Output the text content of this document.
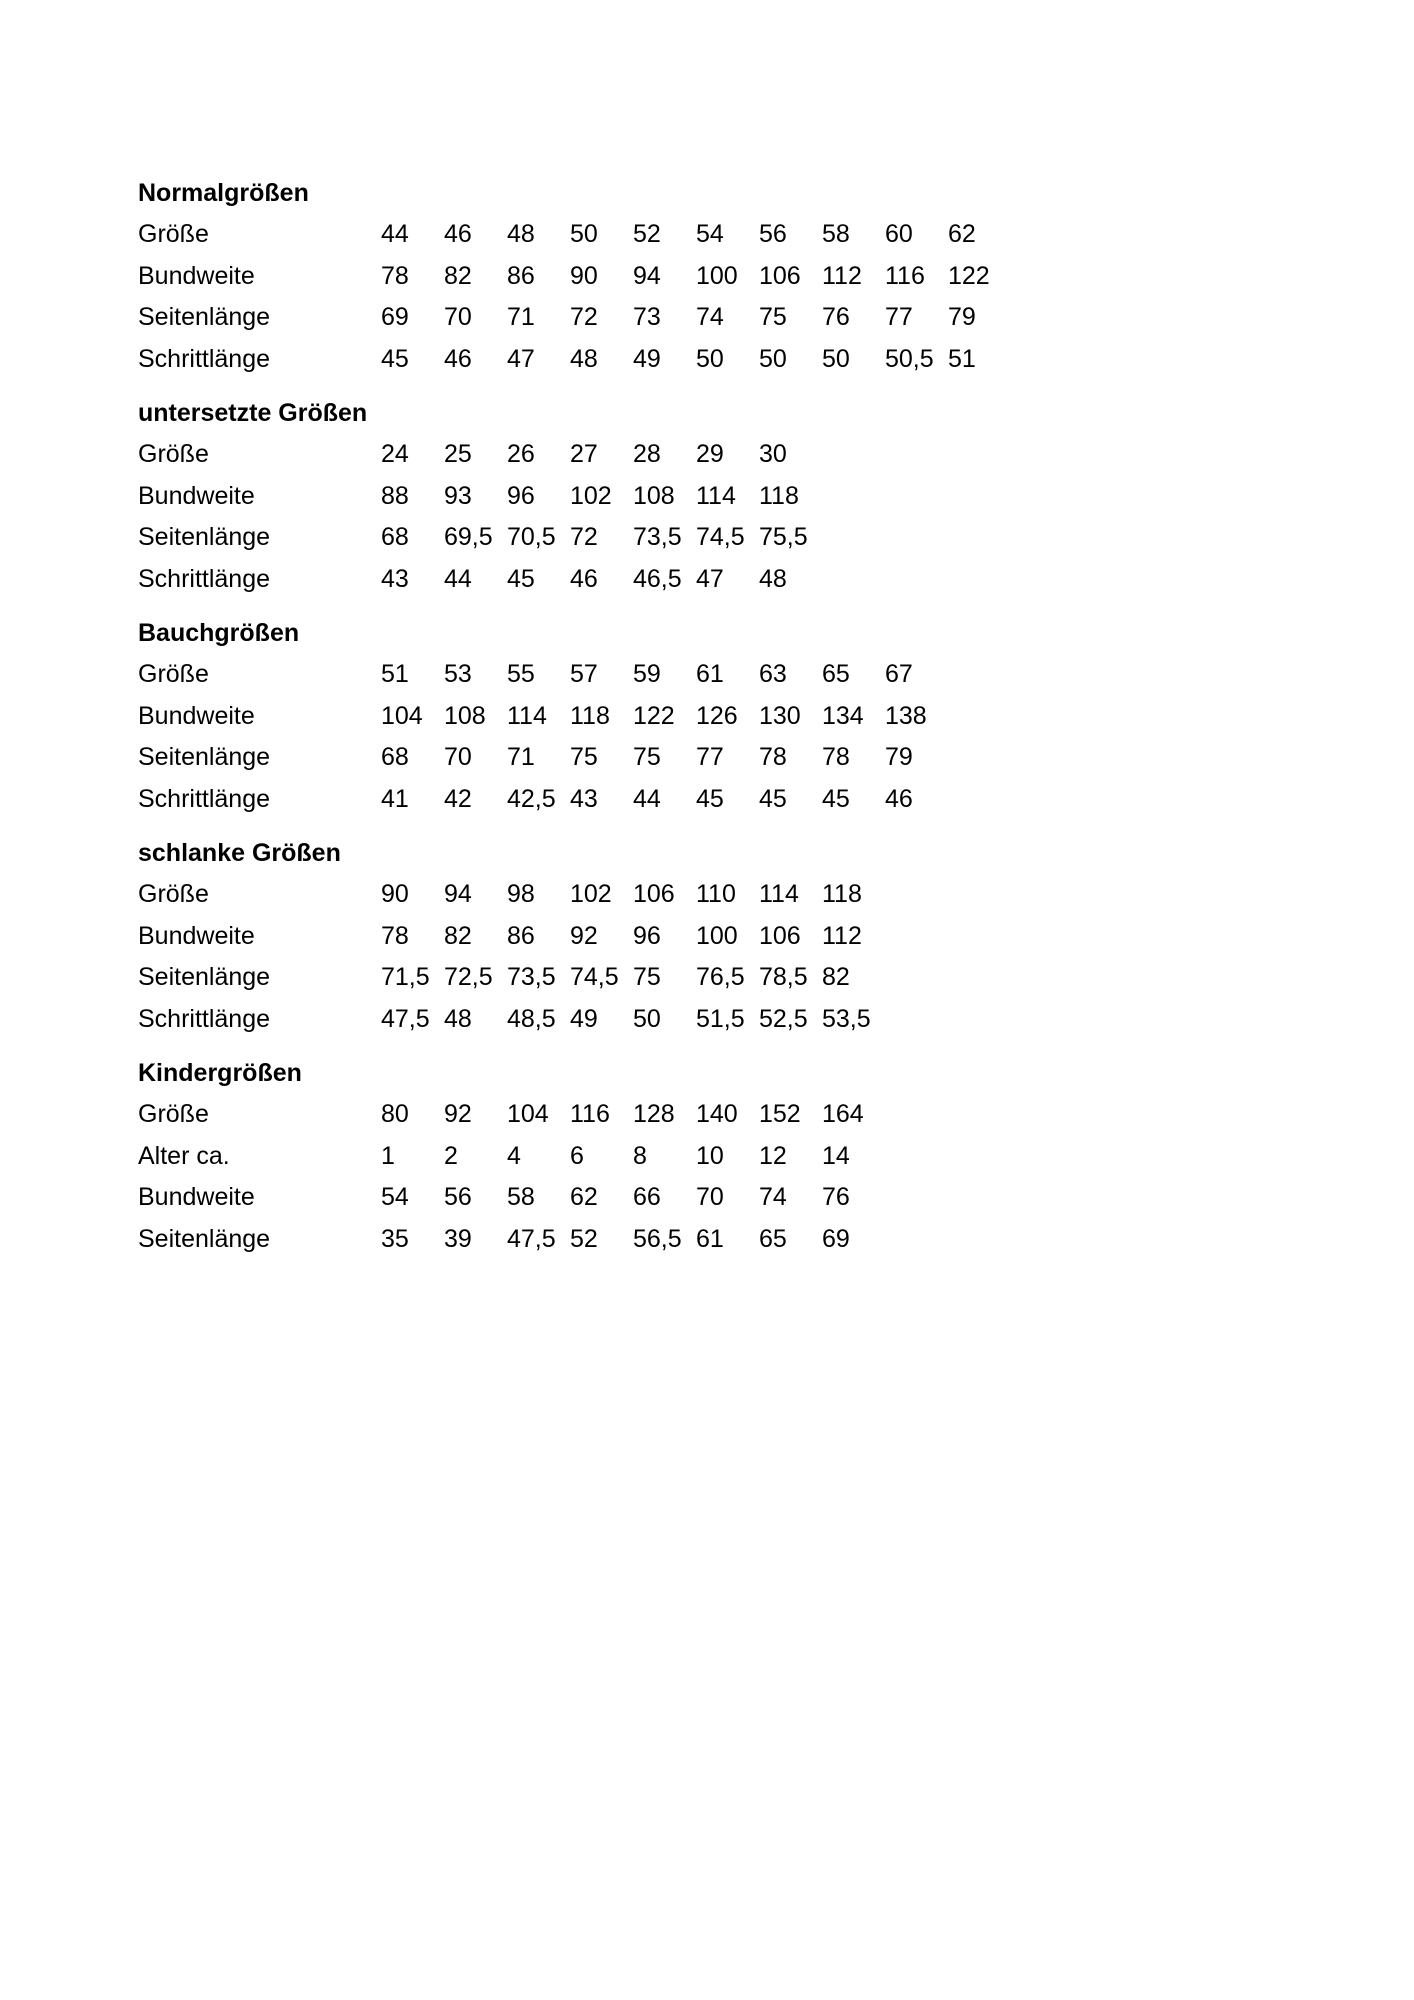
Normalgrößen
Größe	44	46	48	50	52	54	56	58	60	62
Bundweite	78	82	86	90	94	100 106 112 116 122
Seitenlänge	69	70	71	72	73	74	75	76	77	79
Schrittlänge	45	46	47	48	49	50	50	50	50,5 51
untersetzte Größen
Größe	24	25	26	27	28	29	30
Bundweite	88	93	96	102 108 114 118
Seitenlänge	68	69,5 70,5 72	73,5 74,5 75,5
Schrittlänge	43	44	45	46	46,5 47	48
Bauchgrößen
Größe	51	53	55	57	59	61	63	65	67
Bundweite	104 108 114 118 122 126 130 134 138
Seitenlänge	68	70	71	75	75	77	78	78	79
Schrittlänge	41	42	42,5 43	44	45	45	45	46
schlanke Größen
Größe	90	94	98	102 106 110 114 118
Bundweite	78	82	86	92	96	100 106 112
Seitenlänge	71,5 72,5 73,5 74,5 75	76,5 78,5 82
Schrittlänge	47,5 48	48,5 49	50	51,5 52,5 53,5
Kindergrößen
Größe	80	92	104 116 128 140 152 164
Alter ca.	1	2	4	6	8	10	12	14
Bundweite	54	56	58	62	66	70	74	76
Seitenlänge	35	39	47,5 52	56,5 61	65	69
